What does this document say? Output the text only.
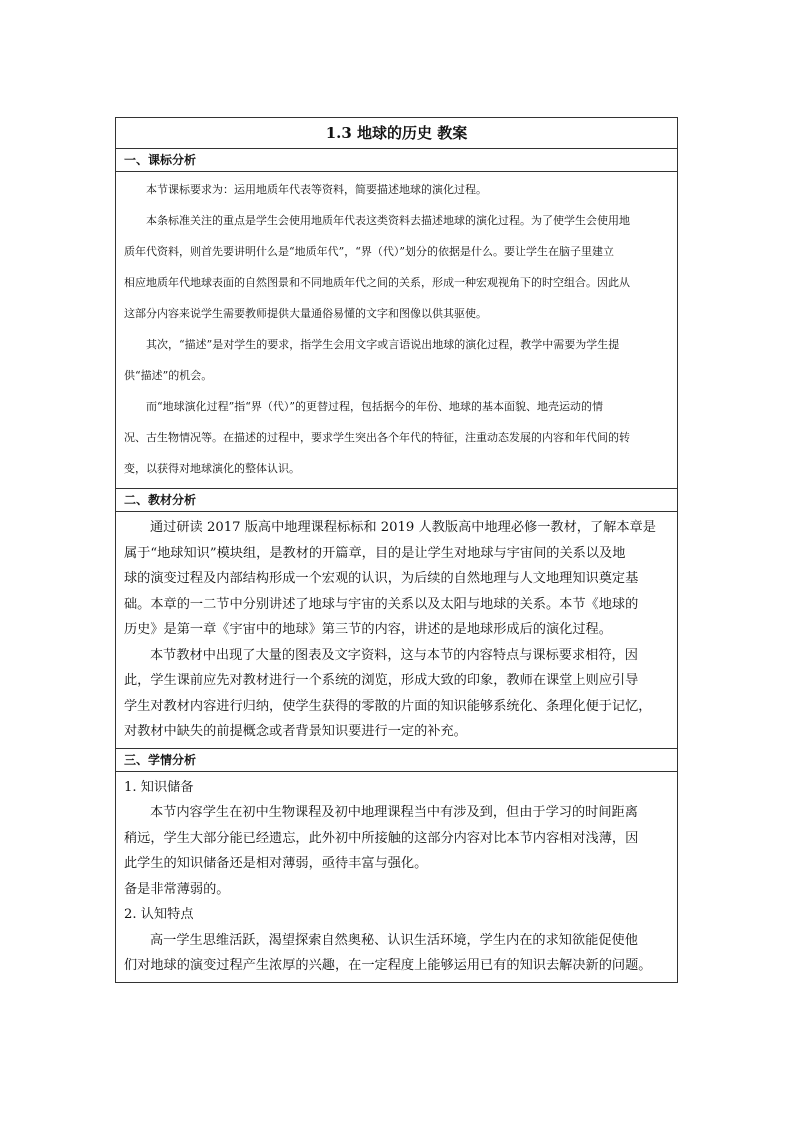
1.3 地球的历史 教案
一、课标分析

本节课标要求为：运用地质年代表等资料，简要描述地球的演化过程。

本条标准关注的重点是学生会使用地质年代表这类资料去描述地球的演化过程。为了使学生会使用地

质年代资料，则首先要讲明什么是“地质年代”，“界（代）”划分的依据是什么。要让学生在脑子里建立

相应地质年代地球表面的自然图景和不同地质年代之间的关系，形成一种宏观视角下的时空组合。因此从

这部分内容来说学生需要教师提供大量通俗易懂的文字和图像以供其驱使。

其次，“描述”是对学生的要求，指学生会用文字或言语说出地球的演化过程，教学中需要为学生提

供“描述”的机会。

而“地球演化过程”指“界（代）”的更替过程，包括据今的年份、地球的基本面貌、地壳运动的情

况、古生物情况等。在描述的过程中，要求学生突出各个年代的特征，注重动态发展的内容和年代间的转

变，以获得对地球演化的整体认识。

二、教材分析

通过研读 2017 版高中地理课程标标和 2019 人教版高中地理必修一教材，了解本章是

属于“地球知识”模块组，是教材的开篇章，目的是让学生对地球与宇宙间的关系以及地

球的演变过程及内部结构形成一个宏观的认识，为后续的自然地理与人文地理知识奠定基

础。本章的一二节中分别讲述了地球与宇宙的关系以及太阳与地球的关系。本节《地球的

历史》是第一章《宇宙中的地球》第三节的内容，讲述的是地球形成后的演化过程。

本节教材中出现了大量的图表及文字资料，这与本节的内容特点与课标要求相符，因

此，学生课前应先对教材进行一个系统的浏览，形成大致的印象，教师在课堂上则应引导

学生对教材内容进行归纳，使学生获得的零散的片面的知识能够系统化、条理化便于记忆，

对教材中缺失的前提概念或者背景知识要进行一定的补充。

三、学情分析

1. 知识储备

本节内容学生在初中生物课程及初中地理课程当中有涉及到，但由于学习的时间距离

稍远，学生大部分能已经遗忘，此外初中所接触的这部分内容对比本节内容相对浅薄，因

此学生的知识储备还是相对薄弱，亟待丰富与强化。

备是非常薄弱的。

2. 认知特点

高一学生思维活跃，渴望探索自然奥秘、认识生活环境，学生内在的求知欲能促使他

们对地球的演变过程产生浓厚的兴趣，在一定程度上能够运用已有的知识去解决新的问题。
